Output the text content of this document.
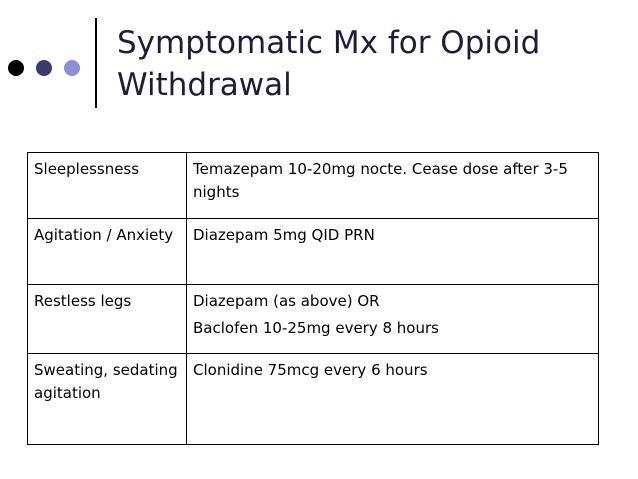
Symptomatic Mx for Opioid
Withdrawal
Sleeplessness	Temazepam 10-20mg nocte. Cease dose after 3-5 nights

Agitation / Anxiety	Diazepam 5mg QID PRN

Restless legs	Diazepam (as above) OR
Baclofen 10-25mg every 8 hours

Sweating, sedating agitation	Clonidine 75mcg every 6 hours
